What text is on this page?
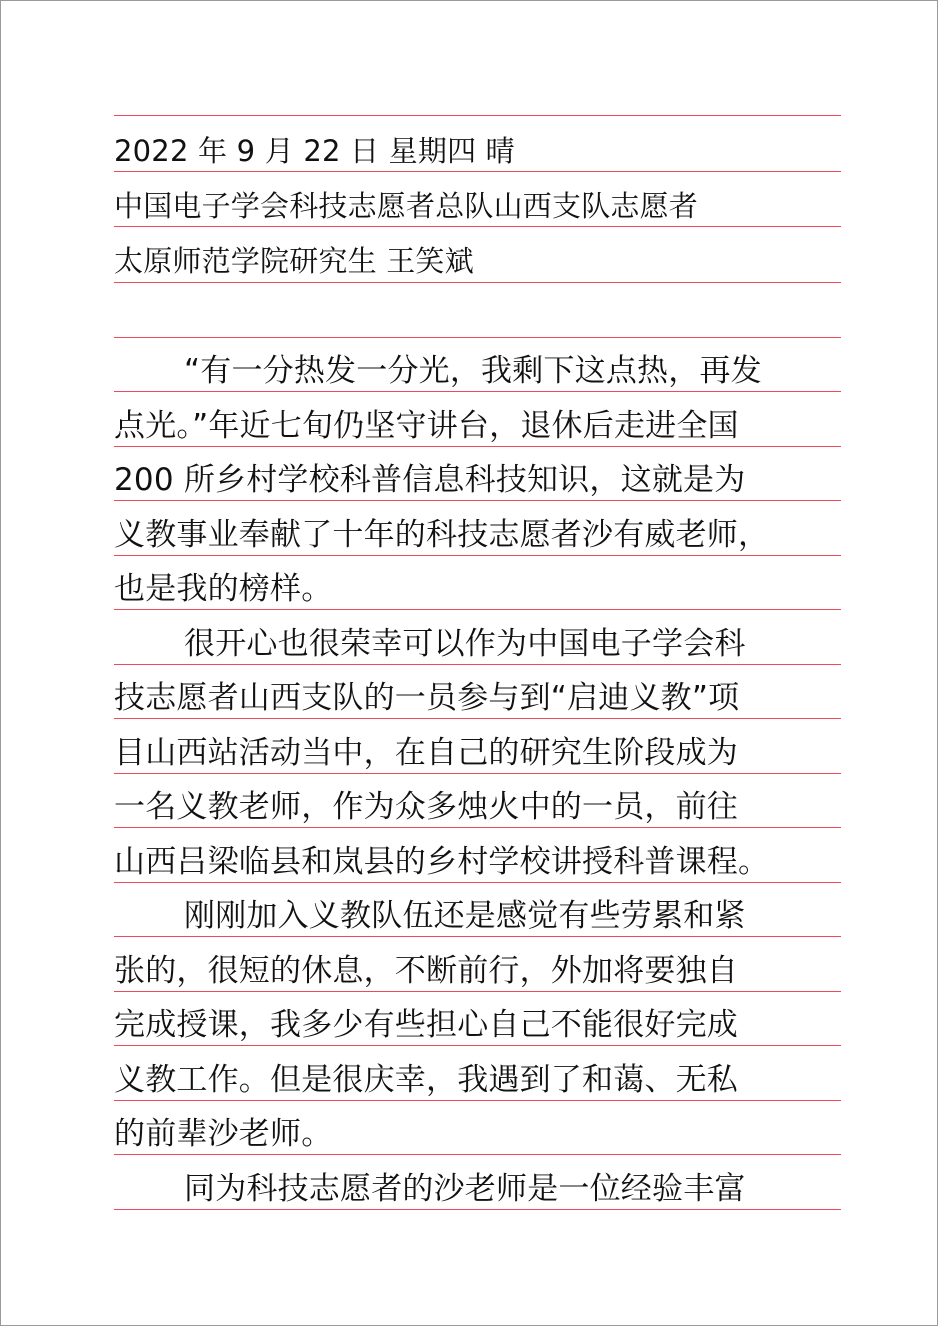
2022 年 9 月 22 日 星期四 晴
中国电子学会科技志愿者总队山西支队志愿者
太原师范学院研究生 王笑斌
“有一分热发一分光，我剩下这点热，再发
点光。”年近七旬仍坚守讲台，退休后走进全国
200 所乡村学校科普信息科技知识，这就是为
义教事业奉献了十年的科技志愿者沙有威老师，
也是我的榜样。
很开心也很荣幸可以作为中国电子学会科
技志愿者山西支队的一员参与到“启迪义教”项
目山西站活动当中，在自己的研究生阶段成为
一名义教老师，作为众多烛火中的一员，前往
山西吕梁临县和岚县的乡村学校讲授科普课程。
刚刚加入义教队伍还是感觉有些劳累和紧
张的，很短的休息，不断前行，外加将要独自
完成授课，我多少有些担心自己不能很好完成
义教工作。但是很庆幸，我遇到了和蔼、无私
的前辈沙老师。
同为科技志愿者的沙老师是一位经验丰富
